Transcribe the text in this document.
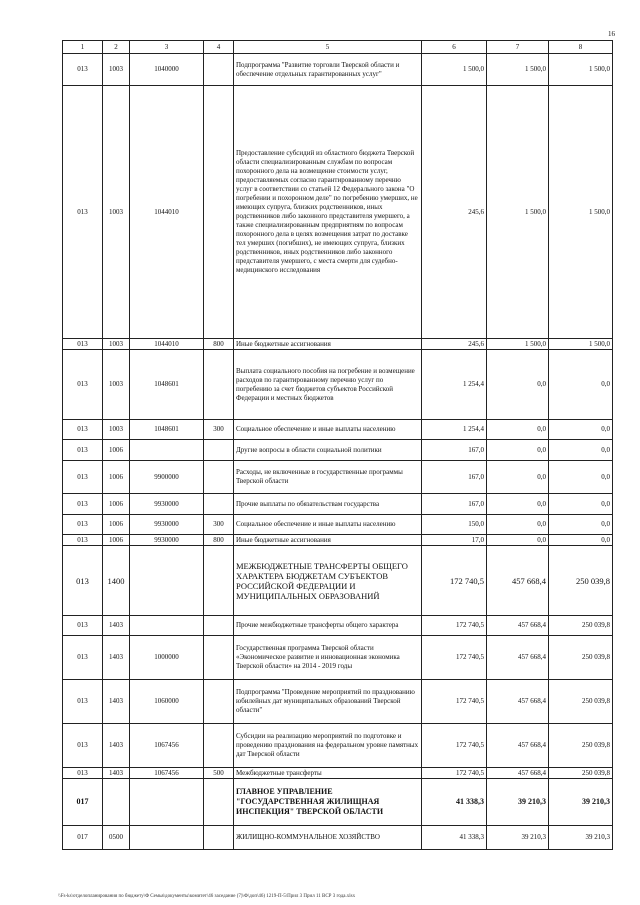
16
1	2	3	4	5	6	7	8
013	1003	1040000		Подпрограмма "Развитие торговли Тверской области и обеспечение отдельных гарантированных услуг"	1 500,0	1 500,0	1 500,0
013	1003	1044010		Предоставление субсидий из областного бюджета Тверской области специализированным службам по вопросам похоронного дела на возмещение стоимости услуг, предоставляемых согласно гарантированному перечню услуг в соответствии со статьей 12 Федерального закона "О погребении и похоронном деле" по погребению умерших, не имеющих супруга, близких родственников, иных родственников либо законного представителя умершего, а также специализированным предприятиям по вопросам похоронного дела в целях возмещения затрат по доставке тел умерших (погибших), не имеющих супруга, близких родственников, иных родственников либо законного представителя умершего, с места смерти для судебно-медицинского исследования	245,6	1 500,0	1 500,0
013	1003	1044010	800	Иные бюджетные ассигнования	245,6	1 500,0	1 500,0
013	1003	1048601		Выплата социального пособия на погребение и возмещение расходов по гарантированному перечню услуг по погребению за счет бюджетов субъектов Российской Федерации и местных бюджетов	1 254,4	0,0	0,0
013	1003	1048601	300	Социальное обеспечение и иные выплаты населению	1 254,4	0,0	0,0
013	1006			Другие вопросы в области социальной политики	167,0	0,0	0,0
013	1006	9900000		Расходы, не включенные в государственные программы Тверской области	167,0	0,0	0,0
013	1006	9930000		Прочие выплаты по обязательствам государства	167,0	0,0	0,0
013	1006	9930000	300	Социальное обеспечение и иные выплаты населению	150,0	0,0	0,0
013	1006	9930000	800	Иные бюджетные ассигнования	17,0	0,0	0,0
013	1400			МЕЖБЮДЖЕТНЫЕ ТРАНСФЕРТЫ ОБЩЕГО ХАРАКТЕРА БЮДЖЕТАМ СУБЪЕКТОВ РОССИЙСКОЙ ФЕДЕРАЦИИ И МУНИЦИПАЛЬНЫХ ОБРАЗОВАНИЙ	172 740,5	457 668,4	250 039,8
013	1403			Прочие межбюджетные трансферты общего характера	172 740,5	457 668,4	250 039,8
013	1403	1000000		Государственная программа Тверской области «Экономическое развитие и инновационная экономика Тверской области» на 2014 - 2019 годы	172 740,5	457 668,4	250 039,8
013	1403	1060000		Подпрограмма "Проведение мероприятий по празднованию юбилейных дат муниципальных образований Тверской области"	172 740,5	457 668,4	250 039,8
013	1403	1067456		Субсидии на реализацию мероприятий по подготовке и проведению празднования на федеральном уровне памятных дат Тверской области	172 740,5	457 668,4	250 039,8
013	1403	1067456	500	Межбюджетные трансферты	172 740,5	457 668,4	250 039,8
017				ГЛАВНОЕ УПРАВЛЕНИЕ "ГОСУДАРСТВЕННАЯ ЖИЛИЩНАЯ ИНСПЕКЦИЯ" ТВЕРСКОЙ ОБЛАСТИ	41 338,3	39 210,3	39 210,3
017	0500			ЖИЛИЩНО-КОММУНАЛЬНОЕ ХОЗЯЙСТВО	41 338,3	39 210,3	39 210,3
\\Fs-ks\отделопланирования по бюджету\Ф Семья\документы\комитет\46 заседание (7)\Ф\доп\46) 1219-П-5\Прил 3 Прил 11 ВСР 3 годa.xlsx
